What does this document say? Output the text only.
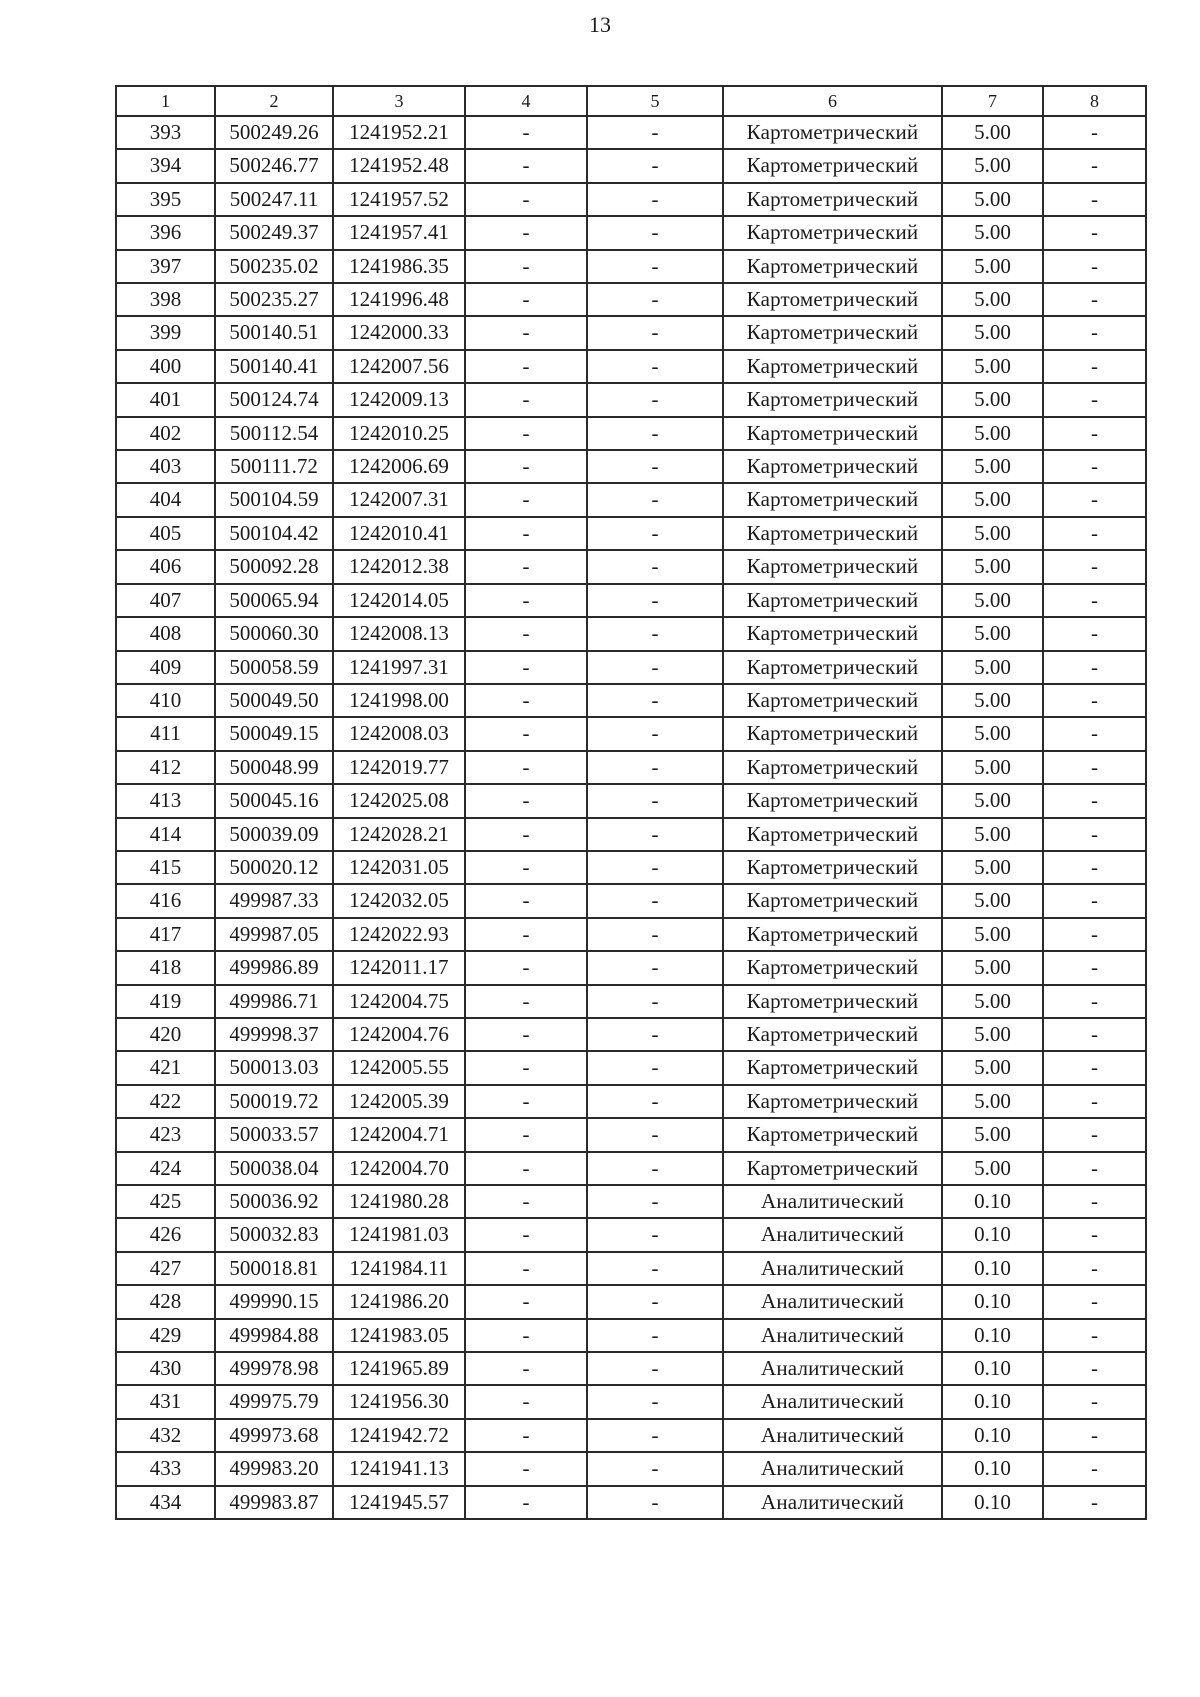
13
1	2	3	4	5	6	7	8
393	500249.26	1241952.21	-	-	Картометрический	5.00	-
394	500246.77	1241952.48	-	-	Картометрический	5.00	-
395	500247.11	1241957.52	-	-	Картометрический	5.00	-
396	500249.37	1241957.41	-	-	Картометрический	5.00	-
397	500235.02	1241986.35	-	-	Картометрический	5.00	-
398	500235.27	1241996.48	-	-	Картометрический	5.00	-
399	500140.51	1242000.33	-	-	Картометрический	5.00	-
400	500140.41	1242007.56	-	-	Картометрический	5.00	-
401	500124.74	1242009.13	-	-	Картометрический	5.00	-
402	500112.54	1242010.25	-	-	Картометрический	5.00	-
403	500111.72	1242006.69	-	-	Картометрический	5.00	-
404	500104.59	1242007.31	-	-	Картометрический	5.00	-
405	500104.42	1242010.41	-	-	Картометрический	5.00	-
406	500092.28	1242012.38	-	-	Картометрический	5.00	-
407	500065.94	1242014.05	-	-	Картометрический	5.00	-
408	500060.30	1242008.13	-	-	Картометрический	5.00	-
409	500058.59	1241997.31	-	-	Картометрический	5.00	-
410	500049.50	1241998.00	-	-	Картометрический	5.00	-
411	500049.15	1242008.03	-	-	Картометрический	5.00	-
412	500048.99	1242019.77	-	-	Картометрический	5.00	-
413	500045.16	1242025.08	-	-	Картометрический	5.00	-
414	500039.09	1242028.21	-	-	Картометрический	5.00	-
415	500020.12	1242031.05	-	-	Картометрический	5.00	-
416	499987.33	1242032.05	-	-	Картометрический	5.00	-
417	499987.05	1242022.93	-	-	Картометрический	5.00	-
418	499986.89	1242011.17	-	-	Картометрический	5.00	-
419	499986.71	1242004.75	-	-	Картометрический	5.00	-
420	499998.37	1242004.76	-	-	Картометрический	5.00	-
421	500013.03	1242005.55	-	-	Картометрический	5.00	-
422	500019.72	1242005.39	-	-	Картометрический	5.00	-
423	500033.57	1242004.71	-	-	Картометрический	5.00	-
424	500038.04	1242004.70	-	-	Картометрический	5.00	-
425	500036.92	1241980.28	-	-	Аналитический	0.10	-
426	500032.83	1241981.03	-	-	Аналитический	0.10	-
427	500018.81	1241984.11	-	-	Аналитический	0.10	-
428	499990.15	1241986.20	-	-	Аналитический	0.10	-
429	499984.88	1241983.05	-	-	Аналитический	0.10	-
430	499978.98	1241965.89	-	-	Аналитический	0.10	-
431	499975.79	1241956.30	-	-	Аналитический	0.10	-
432	499973.68	1241942.72	-	-	Аналитический	0.10	-
433	499983.20	1241941.13	-	-	Аналитический	0.10	-
434	499983.87	1241945.57	-	-	Аналитический	0.10	-
